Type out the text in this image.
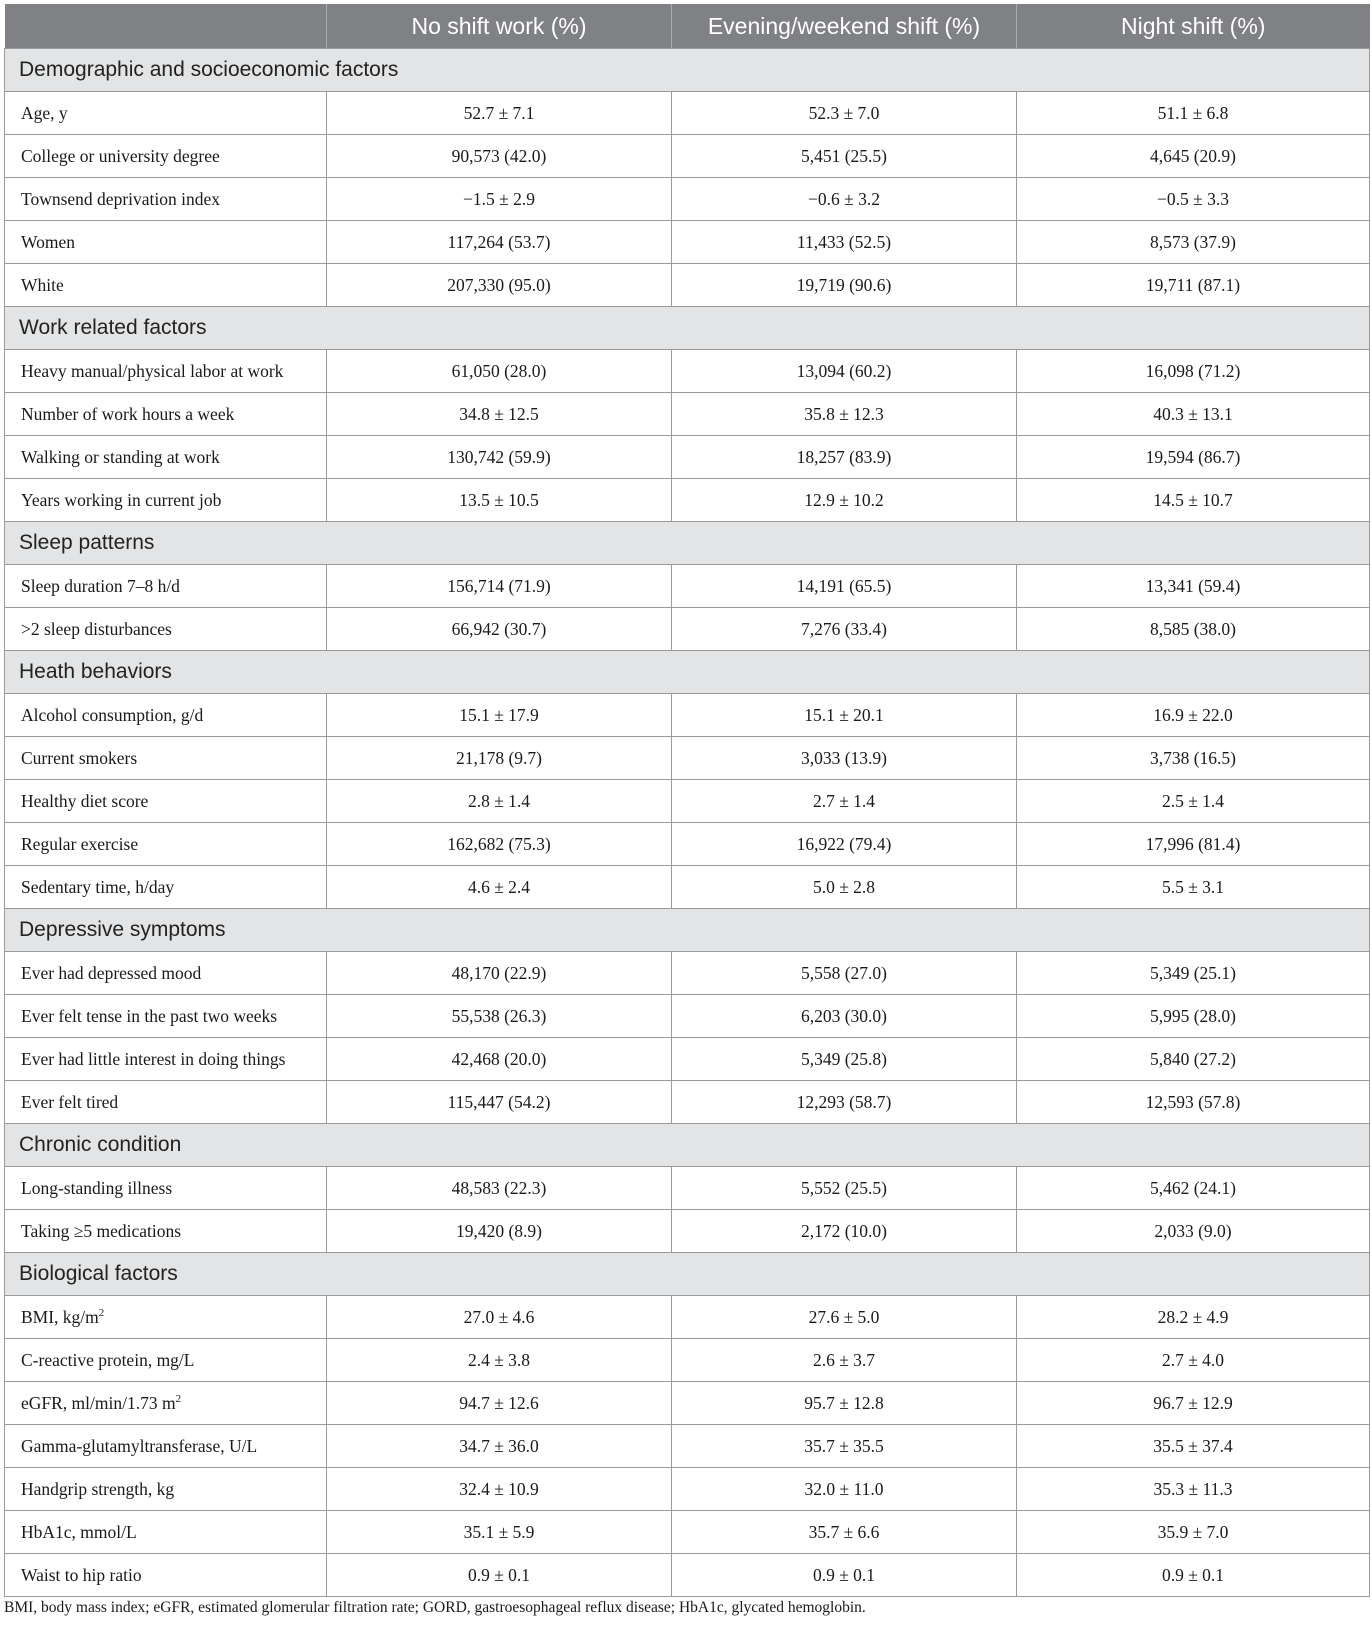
	No shift work (%)	Evening/weekend shift (%)	Night shift (%)
Demographic and socioeconomic factors			
Age, y	52.7 ± 7.1	52.3 ± 7.0	51.1 ± 6.8
College or university degree	90,573 (42.0)	5,451 (25.5)	4,645 (20.9)
Townsend deprivation index	−1.5 ± 2.9	−0.6 ± 3.2	−0.5 ± 3.3
Women	117,264 (53.7)	11,433 (52.5)	8,573 (37.9)
White	207,330 (95.0)	19,719 (90.6)	19,711 (87.1)
Work related factors			
Heavy manual/physical labor at work	61,050 (28.0)	13,094 (60.2)	16,098 (71.2)
Number of work hours a week	34.8 ± 12.5	35.8 ± 12.3	40.3 ± 13.1
Walking or standing at work	130,742 (59.9)	18,257 (83.9)	19,594 (86.7)
Years working in current job	13.5 ± 10.5	12.9 ± 10.2	14.5 ± 10.7
Sleep patterns			
Sleep duration 7–8 h/d	156,714 (71.9)	14,191 (65.5)	13,341 (59.4)
>2 sleep disturbances	66,942 (30.7)	7,276 (33.4)	8,585 (38.0)
Heath behaviors			
Alcohol consumption, g/d	15.1 ± 17.9	15.1 ± 20.1	16.9 ± 22.0
Current smokers	21,178 (9.7)	3,033 (13.9)	3,738 (16.5)
Healthy diet score	2.8 ± 1.4	2.7 ± 1.4	2.5 ± 1.4
Regular exercise	162,682 (75.3)	16,922 (79.4)	17,996 (81.4)
Sedentary time, h/day	4.6 ± 2.4	5.0 ± 2.8	5.5 ± 3.1
Depressive symptoms			
Ever had depressed mood	48,170 (22.9)	5,558 (27.0)	5,349 (25.1)
Ever felt tense in the past two weeks	55,538 (26.3)	6,203 (30.0)	5,995 (28.0)
Ever had little interest in doing things	42,468 (20.0)	5,349 (25.8)	5,840 (27.2)
Ever felt tired	115,447 (54.2)	12,293 (58.7)	12,593 (57.8)
Chronic condition			
Long-standing illness	48,583 (22.3)	5,552 (25.5)	5,462 (24.1)
Taking ≥5 medications	19,420 (8.9)	2,172 (10.0)	2,033 (9.0)
Biological factors			
BMI, $kg/m^2$	27.0 ± 4.6	27.6 ± 5.0	28.2 ± 4.9
C-reactive protein, mg/L	2.4 ± 3.8	2.6 ± 3.7	2.7 ± 4.0
eGFR, ml/min/1.73 $m^2$	94.7 ± 12.6	95.7 ± 12.8	96.7 ± 12.9
Gamma-glutamyltransferase, U/L	34.7 ± 36.0	35.7 ± 35.5	35.5 ± 37.4
Handgrip strength, kg	32.4 ± 10.9	32.0 ± 11.0	35.3 ± 11.3
HbA1c, mmol/L	35.1 ± 5.9	35.7 ± 6.6	35.9 ± 7.0
Waist to hip ratio	0.9 ± 0.1	0.9 ± 0.1	0.9 ± 0.1
BMI, body mass index; eGFR, estimated glomerular filtration rate; GORD, gastroesophageal reflux disease; HbA1c, glycated hemoglobin.
